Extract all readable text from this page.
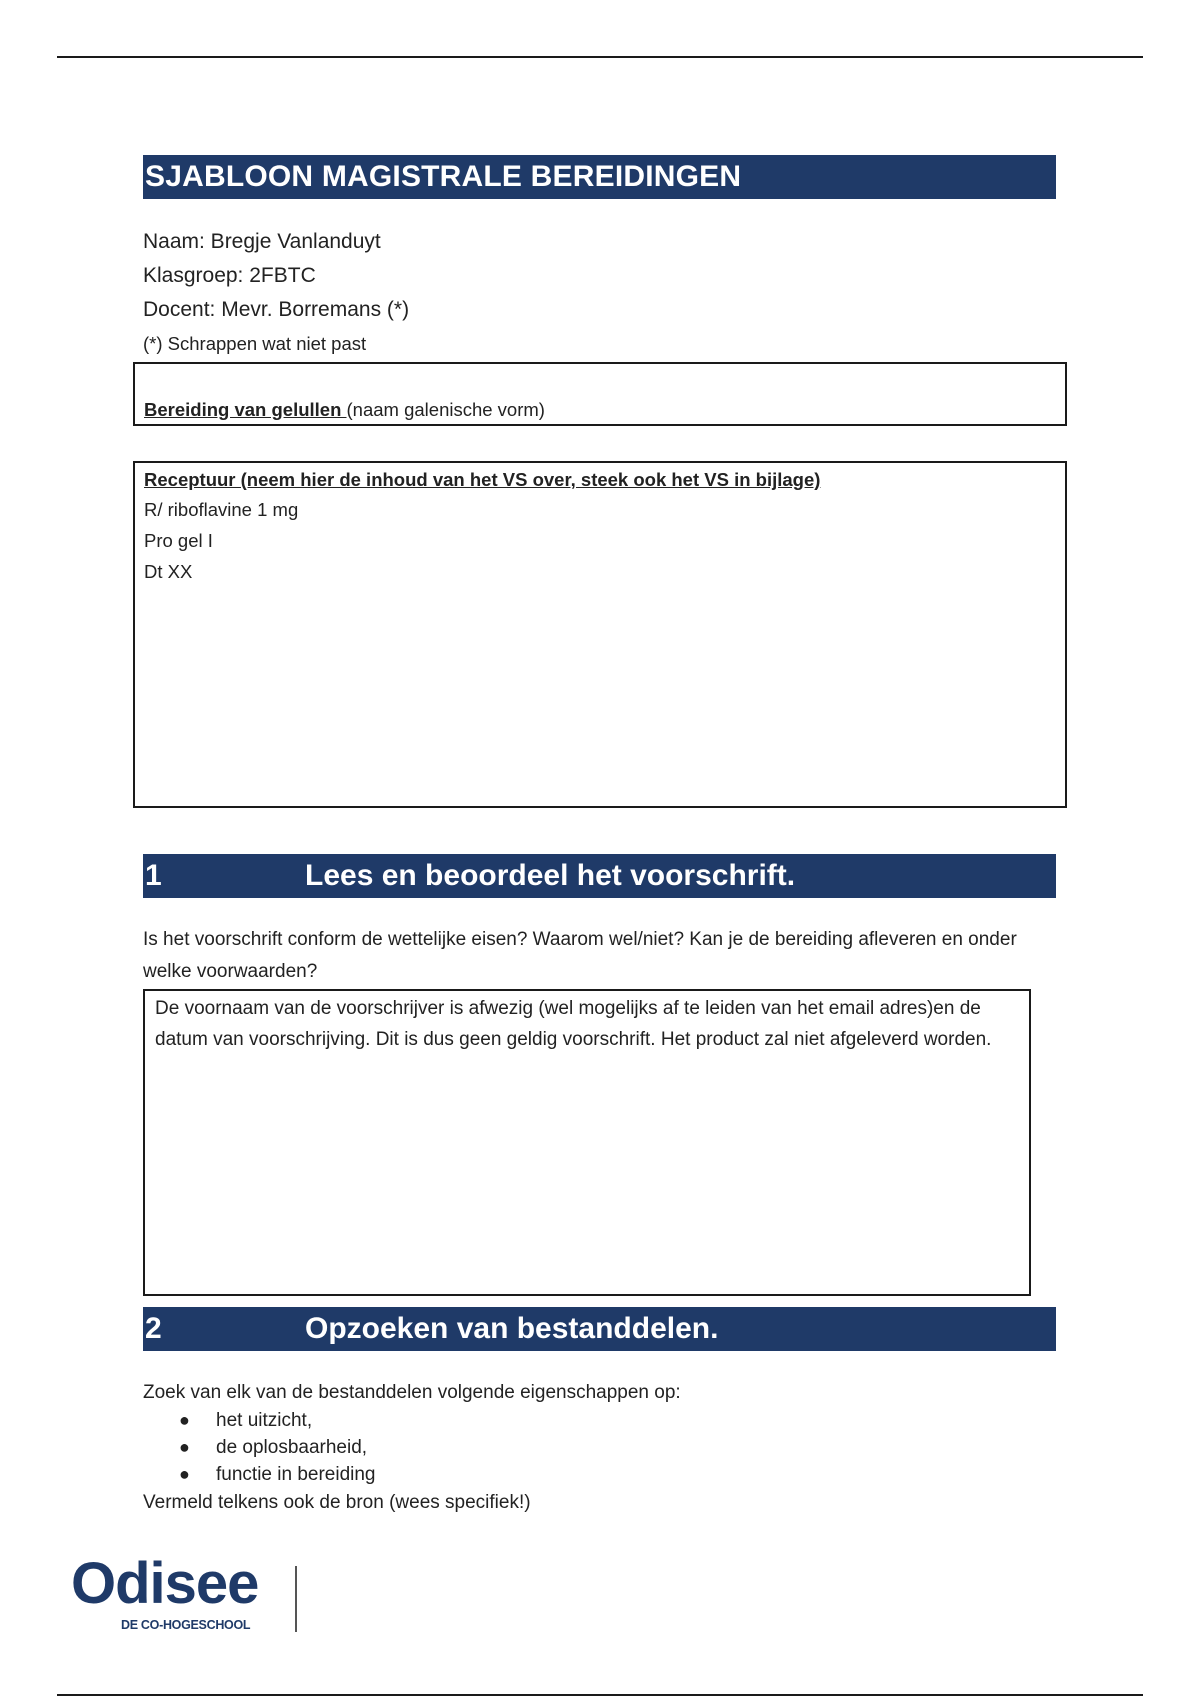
SJABLOON MAGISTRALE BEREIDINGEN
Naam: Bregje Vanlanduyt
Klasgroep: 2FBTC
Docent: Mevr. Borremans (*)
(*) Schrappen wat niet past
Bereiding van gelullen (naam galenische vorm)
Receptuur (neem hier de inhoud van het VS over, steek ook het VS in bijlage)
R/ riboflavine 1 mg
Pro gel I
Dt XX
1	Lees en beoordeel het voorschrift.
Is het voorschrift conform de wettelijke eisen? Waarom wel/niet? Kan je de bereiding afleveren en onder welke voorwaarden?
De voornaam van de voorschrijver is afwezig (wel mogelijks af te leiden van het email adres)en de datum van voorschrijving. Dit is dus geen geldig voorschrift. Het product zal niet afgeleverd worden.
2	Opzoeken van bestanddelen.
Zoek van elk van de bestanddelen volgende eigenschappen op:
● het uitzicht,
● de oplosbaarheid,
● functie in bereiding
Vermeld telkens ook de bron (wees specifiek!)
Odisee
DE CO-HOGESCHOOL
